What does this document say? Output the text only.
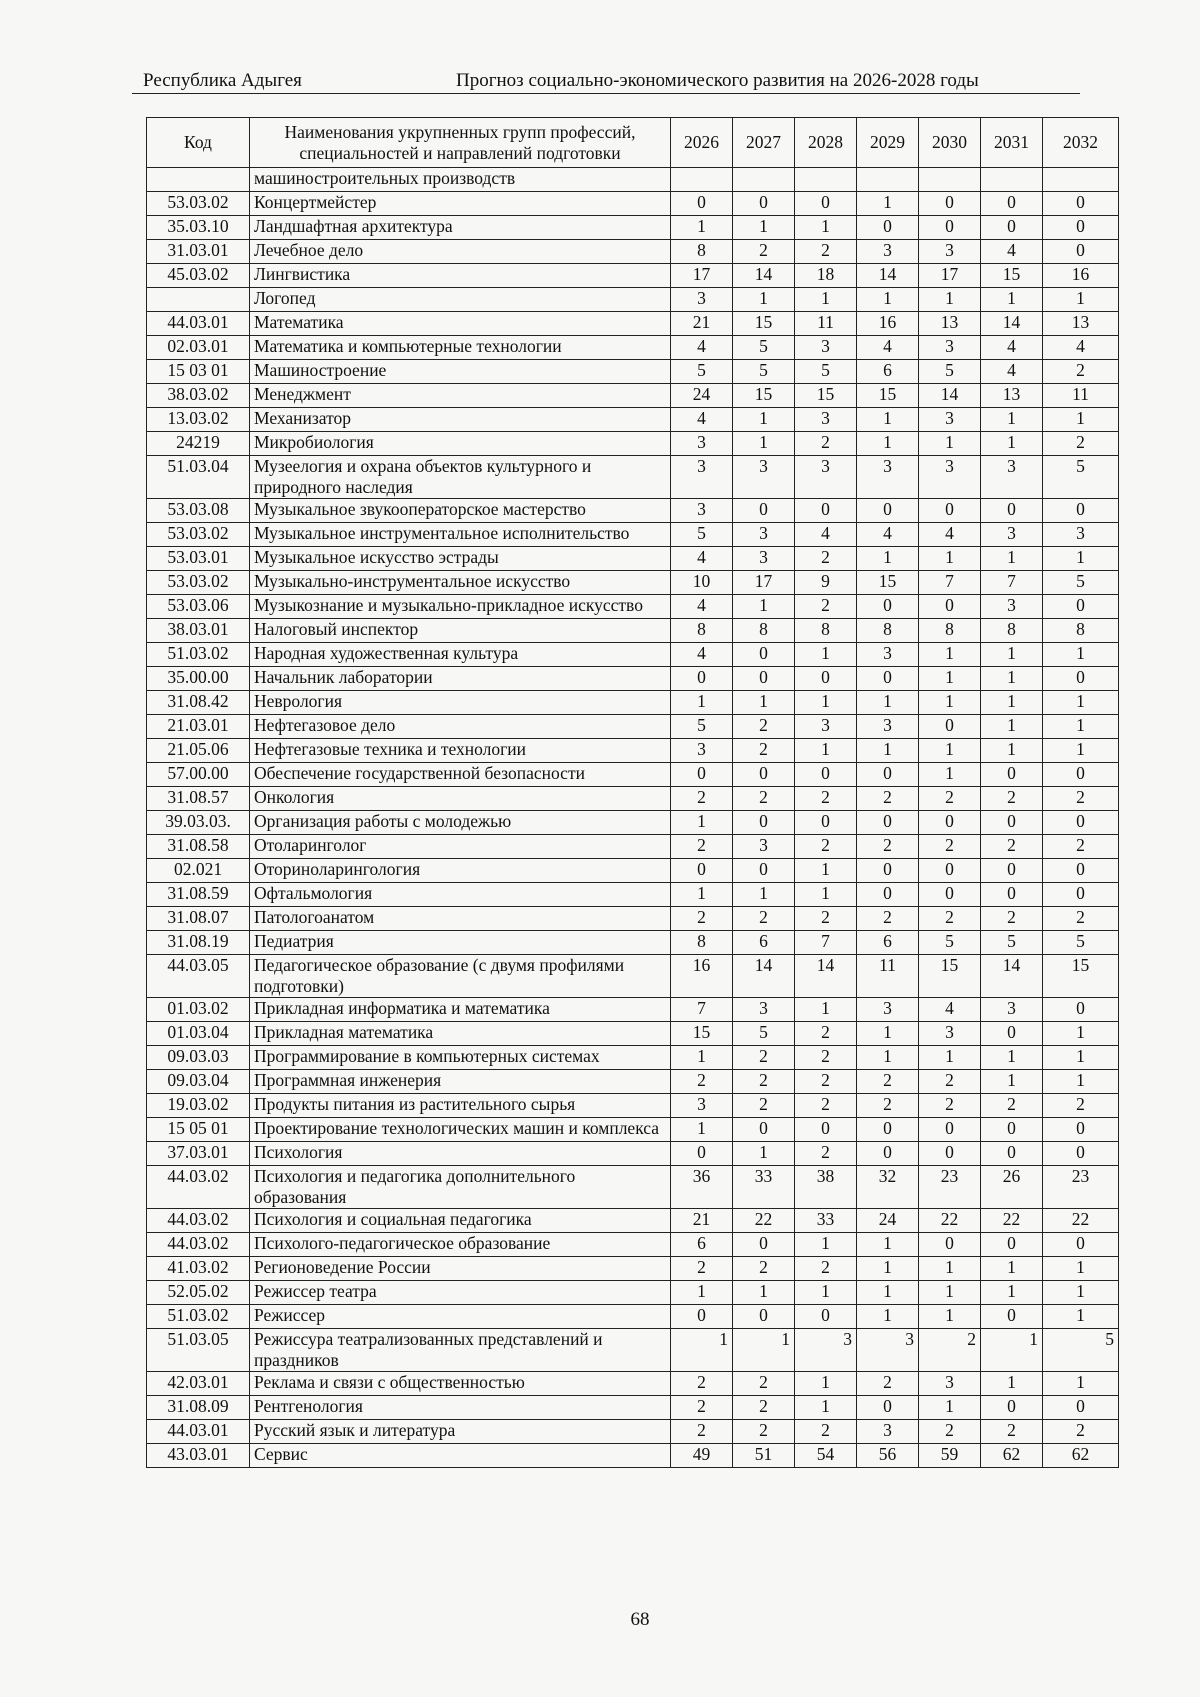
Республика Адыгея	Прогноз социально-экономического развития на 2026-2028 годы
Код	Наименования укрупненных групп профессий, специальностей и направлений подготовки	2026	2027	2028	2029	2030	2031	2032
	машиностроительных производств							
53.03.02	Концертмейстер	0	0	0	1	0	0	0
35.03.10	Ландшафтная архитектура	1	1	1	0	0	0	0
31.03.01	Лечебное дело	8	2	2	3	3	4	0
45.03.02	Лингвистика	17	14	18	14	17	15	16
	Логопед	3	1	1	1	1	1	1
44.03.01	Математика	21	15	11	16	13	14	13
02.03.01	Математика и компьютерные технологии	4	5	3	4	3	4	4
15 03 01	Машиностроение	5	5	5	6	5	4	2
38.03.02	Менеджмент	24	15	15	15	14	13	11
13.03.02	Механизатор	4	1	3	1	3	1	1
24219	Микробиология	3	1	2	1	1	1	2
51.03.04	Музеелогия и охрана объектов культурного и природного наследия	3	3	3	3	3	3	5
53.03.08	Музыкальное звукооператорское мастерство	3	0	0	0	0	0	0
53.03.02	Музыкальное инструментальное исполнительство	5	3	4	4	4	3	3
53.03.01	Музыкальное искусство эстрады	4	3	2	1	1	1	1
53.03.02	Музыкально-инструментальное искусство	10	17	9	15	7	7	5
53.03.06	Музыкознание и музыкально-прикладное искусство	4	1	2	0	0	3	0
38.03.01	Налоговый инспектор	8	8	8	8	8	8	8
51.03.02	Народная художественная культура	4	0	1	3	1	1	1
35.00.00	Начальник лаборатории	0	0	0	0	1	1	0
31.08.42	Неврология	1	1	1	1	1	1	1
21.03.01	Нефтегазовое дело	5	2	3	3	0	1	1
21.05.06	Нефтегазовые техника и технологии	3	2	1	1	1	1	1
57.00.00	Обеспечение государственной безопасности	0	0	0	0	1	0	0
31.08.57	Онкология	2	2	2	2	2	2	2
39.03.03.	Организация работы с молодежью	1	0	0	0	0	0	0
31.08.58	Отоларинголог	2	3	2	2	2	2	2
02.021	Оториноларингология	0	0	1	0	0	0	0
31.08.59	Офтальмология	1	1	1	0	0	0	0
31.08.07	Патологоанатом	2	2	2	2	2	2	2
31.08.19	Педиатрия	8	6	7	6	5	5	5
44.03.05	Педагогическое образование (с двумя профилями подготовки)	16	14	14	11	15	14	15
01.03.02	Прикладная информатика и математика	7	3	1	3	4	3	0
01.03.04	Прикладная математика	15	5	2	1	3	0	1
09.03.03	Программирование в компьютерных системах	1	2	2	1	1	1	1
09.03.04	Программная инженерия	2	2	2	2	2	1	1
19.03.02	Продукты питания из растительного сырья	3	2	2	2	2	2	2
15 05 01	Проектирование технологических машин и комплекса	1	0	0	0	0	0	0
37.03.01	Психология	0	1	2	0	0	0	0
44.03.02	Психология и педагогика дополнительного образования	36	33	38	32	23	26	23
44.03.02	Психология и социальная педагогика	21	22	33	24	22	22	22
44.03.02	Психолого-педагогическое образование	6	0	1	1	0	0	0
41.03.02	Регионоведение России	2	2	2	1	1	1	1
52.05.02	Режиссер театра	1	1	1	1	1	1	1
51.03.02	Режиссер	0	0	0	1	1	0	1
51.03.05	Режиссура театрализованных представлений и праздников	1	1	3	3	2	1	5
42.03.01	Реклама и связи с общественностью	2	2	1	2	3	1	1
31.08.09	Рентгенология	2	2	1	0	1	0	0
44.03.01	Русский язык и литература	2	2	2	3	2	2	2
43.03.01	Сервис	49	51	54	56	59	62	62
68
